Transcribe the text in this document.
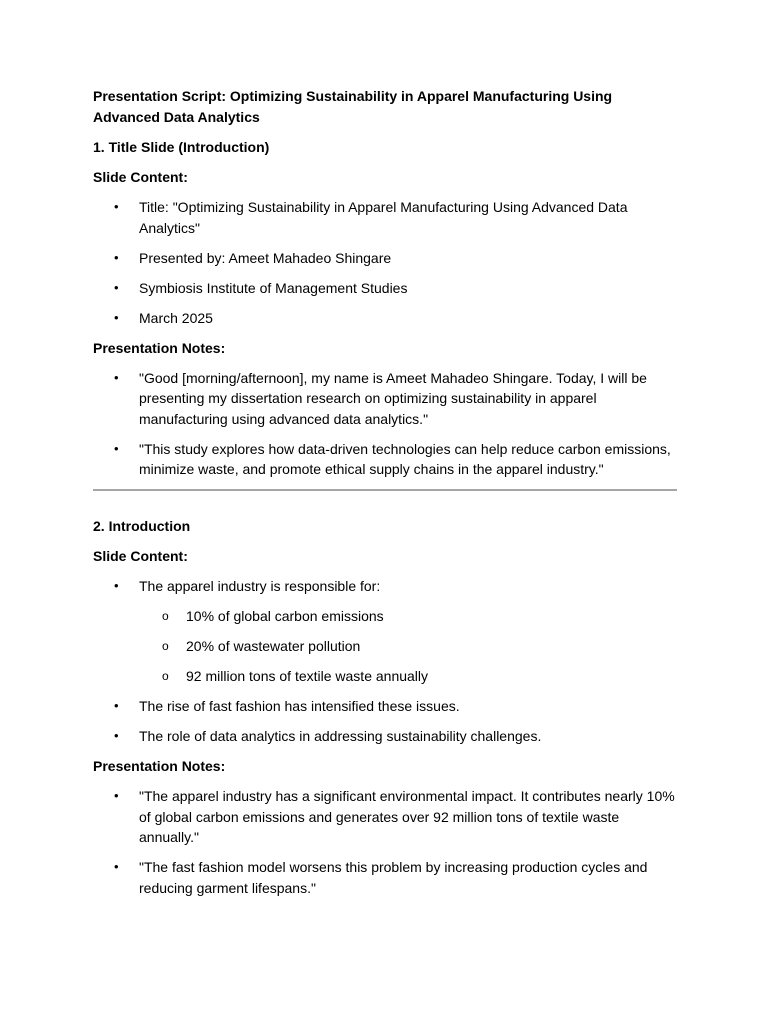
Presentation Script: Optimizing Sustainability in Apparel Manufacturing Using Advanced Data Analytics
1. Title Slide (Introduction)
Slide Content:
• Title: "Optimizing Sustainability in Apparel Manufacturing Using Advanced Data Analytics"
• Presented by: Ameet Mahadeo Shingare
• Symbiosis Institute of Management Studies
• March 2025
Presentation Notes:
• "Good [morning/afternoon], my name is Ameet Mahadeo Shingare. Today, I will be presenting my dissertation research on optimizing sustainability in apparel manufacturing using advanced data analytics."
• "This study explores how data-driven technologies can help reduce carbon emissions, minimize waste, and promote ethical supply chains in the apparel industry."
2. Introduction
Slide Content:
• The apparel industry is responsible for:
o 10% of global carbon emissions
o 20% of wastewater pollution
o 92 million tons of textile waste annually
• The rise of fast fashion has intensified these issues.
• The role of data analytics in addressing sustainability challenges.
Presentation Notes:
• "The apparel industry has a significant environmental impact. It contributes nearly 10% of global carbon emissions and generates over 92 million tons of textile waste annually."
• "The fast fashion model worsens this problem by increasing production cycles and reducing garment lifespans."
